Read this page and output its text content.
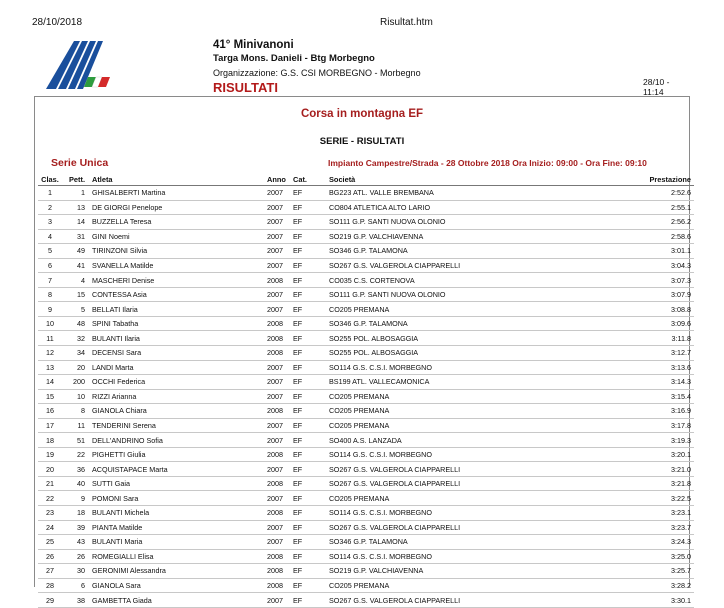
28/10/2018	Risultat.htm
41° Minivanoni
Targa Mons. Danieli - Btg Morbegno
Organizzazione: G.S. CSI MORBEGNO - Morbegno
RISULTATI	28/10 -
11:14
Corsa in montagna EF
SERIE - RISULTATI
Serie Unica	Impianto Campestre/Strada - 28 Ottobre 2018 Ora Inizio: 09:00 - Ora Fine: 09:10
Clas.	Pett.	Atleta	Anno	Cat.	Società	Prestazione
1	1	GHISALBERTI Martina	2007	EF	BG223 ATL. VALLE BREMBANA	2:52.6
2	13	DE GIORGI Penelope	2007	EF	CO804 ATLETICA ALTO LARIO	2:55.1
3	14	BUZZELLA Teresa	2007	EF	SO111 G.P. SANTI NUOVA OLONIO	2:56.2
4	31	GINI Noemi	2007	EF	SO219 G.P. VALCHIAVENNA	2:58.6
5	49	TIRINZONI Silvia	2007	EF	SO346 G.P. TALAMONA	3:01.1
6	41	SVANELLA Matilde	2007	EF	SO267 G.S. VALGEROLA CIAPPARELLI	3:04.3
7	4	MASCHERI Denise	2008	EF	CO035 C.S. CORTENOVA	3:07.3
8	15	CONTESSA Asia	2007	EF	SO111 G.P. SANTI NUOVA OLONIO	3:07.9
9	5	BELLATI Ilaria	2007	EF	CO205 PREMANA	3:08.8
10	48	SPINI Tabatha	2008	EF	SO346 G.P. TALAMONA	3:09.6
11	32	BULANTI Ilaria	2008	EF	SO255 POL. ALBOSAGGIA	3:11.8
12	34	DECENSI Sara	2008	EF	SO255 POL. ALBOSAGGIA	3:12.7
13	20	LANDI Marta	2007	EF	SO114 G.S. C.S.I. MORBEGNO	3:13.6
14	200	OCCHI Federica	2007	EF	BS199 ATL. VALLECAMONICA	3:14.3
15	10	RIZZI Arianna	2007	EF	CO205 PREMANA	3:15.4
16	8	GIANOLA Chiara	2008	EF	CO205 PREMANA	3:16.9
17	11	TENDERINI Serena	2007	EF	CO205 PREMANA	3:17.8
18	51	DELL'ANDRINO Sofia	2007	EF	SO400 A.S. LANZADA	3:19.3
19	22	PIGHETTI Giulia	2008	EF	SO114 G.S. C.S.I. MORBEGNO	3:20.1
20	36	ACQUISTAPACE Marta	2007	EF	SO267 G.S. VALGEROLA CIAPPARELLI	3:21.0
21	40	SUTTI Gaia	2008	EF	SO267 G.S. VALGEROLA CIAPPARELLI	3:21.8
22	9	POMONI Sara	2007	EF	CO205 PREMANA	3:22.5
23	18	BULANTI Michela	2008	EF	SO114 G.S. C.S.I. MORBEGNO	3:23.1
24	39	PIANTA Matilde	2007	EF	SO267 G.S. VALGEROLA CIAPPARELLI	3:23.7
25	43	BULANTI Maria	2007	EF	SO346 G.P. TALAMONA	3:24.3
26	26	ROMEGIALLI Elisa	2008	EF	SO114 G.S. C.S.I. MORBEGNO	3:25.0
27	30	GERONIMI Alessandra	2008	EF	SO219 G.P. VALCHIAVENNA	3:25.7
28	6	GIANOLA Sara	2008	EF	CO205 PREMANA	3:28.2
29	38	GAMBETTA Giada	2007	EF	SO267 G.S. VALGEROLA CIAPPARELLI	3:30.1
